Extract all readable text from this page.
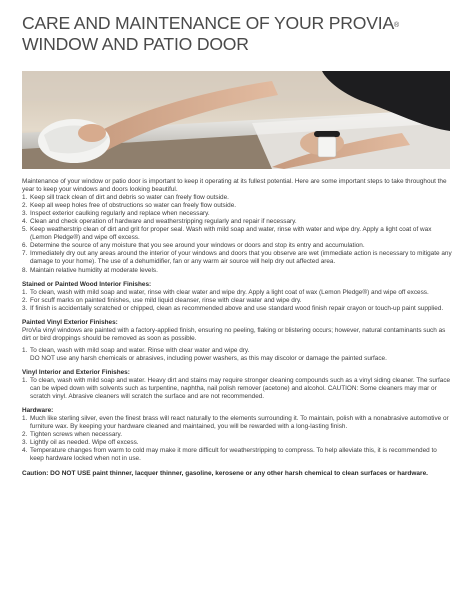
CARE AND MAINTENANCE OF YOUR PROVIA®
WINDOW AND PATIO DOOR

Maintenance of your window or patio door is important to keep it operating at its fullest potential. Here are some important steps to take throughout the year to keep your windows and doors looking beautiful.

1. Keep sill track clean of dirt and debris so water can freely flow outside.
2. Keep all weep holes free of obstructions so water can freely flow outside.
3. Inspect exterior caulking regularly and replace when necessary.
4. Clean and check operation of hardware and weatherstripping regularly and repair if necessary.
5. Keep weatherstrip clean of dirt and grit for proper seal. Wash with mild soap and water, rinse with water and wipe dry. Apply a light coat of wax (Lemon Pledge®) and wipe off excess.
6. Determine the source of any moisture that you see around your windows or doors and stop its entry and accumulation.
7. Immediately dry out any areas around the interior of your windows and doors that you observe are wet (immediate action is necessary to mitigate any damage to your home). The use of a dehumidifier, fan or any warm air source will help dry out affected area.
8. Maintain relative humidity at moderate levels.

Stained or Painted Wood Interior Finishes:

1. To clean, wash with mild soap and water, rinse with clear water and wipe dry. Apply a light coat of wax (Lemon Pledge®) and wipe off excess.
2. For scuff marks on painted finishes, use mild liquid cleanser, rinse with clear water and wipe dry.
3. If finish is accidentally scratched or chipped, clean as recommended above and use standard wood finish repair crayon or touch-up paint supplied.

Painted Vinyl Exterior Finishes:

ProVia vinyl windows are painted with a factory-applied finish, ensuring no peeling, flaking or blistering occurs; however, natural contaminants such as dirt or bird droppings should be removed as soon as possible.

1. To clean, wash with mild soap and water. Rinse with clear water and wipe dry.
DO NOT use any harsh chemicals or abrasives, including power washers, as this may discolor or damage the painted surface.

Vinyl Interior and Exterior Finishes:

1. To clean, wash with mild soap and water. Heavy dirt and stains may require stronger cleaning compounds such as a vinyl siding cleaner. The surface can be wiped down with solvents such as turpentine, naphtha, nail polish remover (acetone) and alcohol. CAUTION: Some cleaners may mar or scratch vinyl. Abrasive cleaners will scratch the surface and are not recommended.

Hardware:

1. Much like sterling silver, even the finest brass will react naturally to the elements surrounding it. To maintain, polish with a nonabrasive automotive or furniture wax. By keeping your hardware cleaned and maintained, you will be rewarded with a long-lasting finish.
2. Tighten screws when necessary.
3. Lightly oil as needed. Wipe off excess.
4. Temperature changes from warm to cold may make it more difficult for weatherstripping to compress. To help alleviate this, it is recommended to keep hardware locked when not in use.

Caution: DO NOT USE paint thinner, lacquer thinner, gasoline, kerosene or any other harsh chemical to clean surfaces or hardware.
